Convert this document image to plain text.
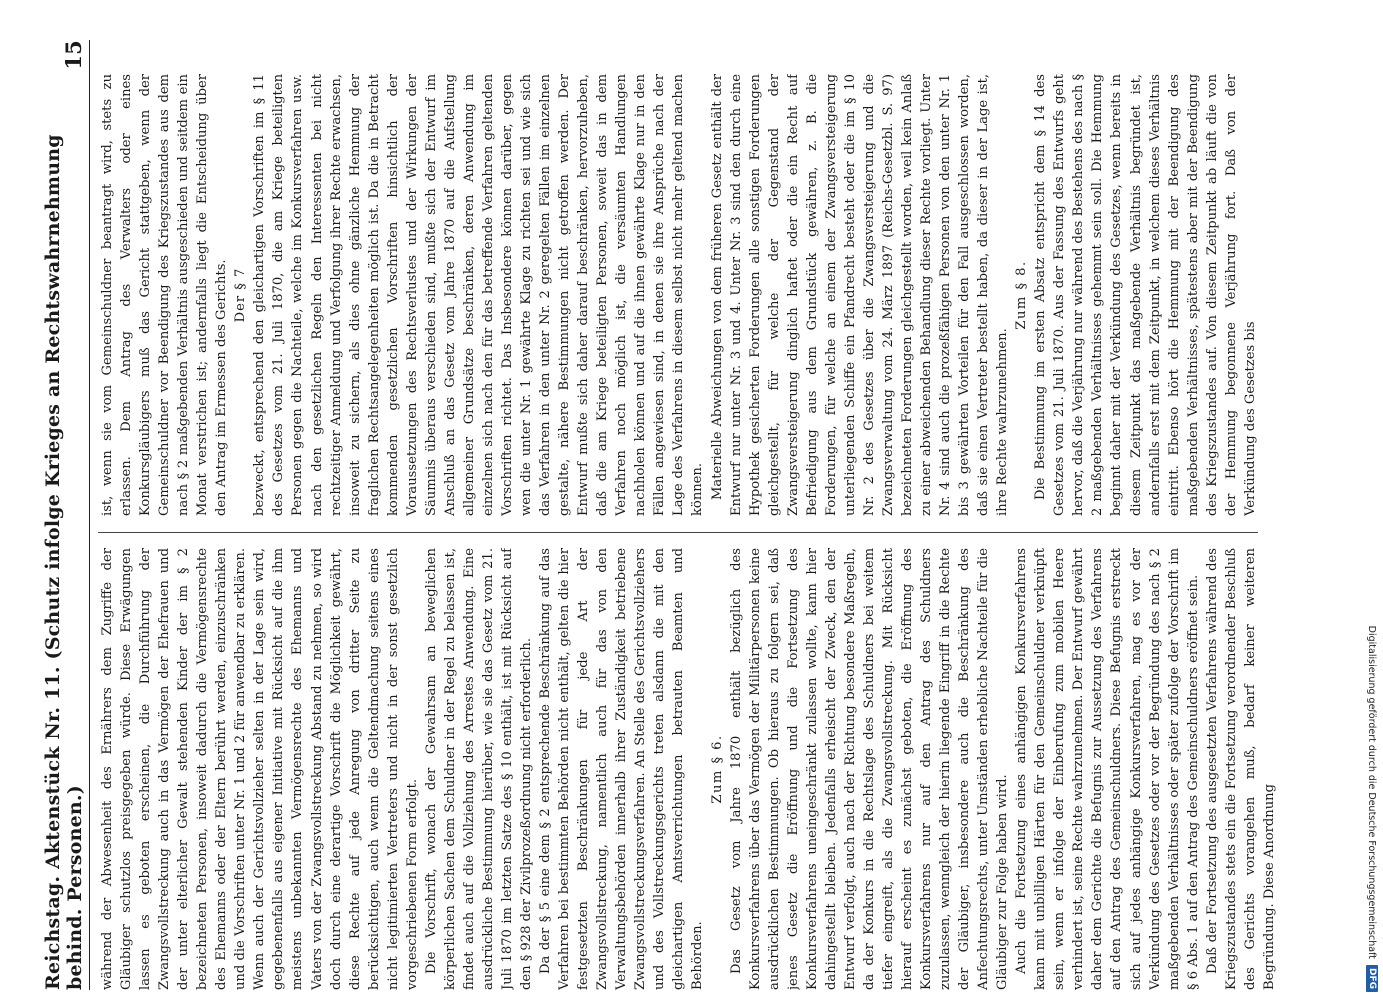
Reichstag. Aktenstück Nr. 11. (Schutz infolge Krieges an Rechtswahrnehmung behind. Personen.)
15

während der Abwesenheit des Ernährers dem Zugriffe der Gläubiger schutzlos preisgegeben würde. Diese Erwägungen lassen es geboten erscheinen, die Durchführung der Zwangsvollstreckung auch in das Vermögen der Ehefrauen und der unter elterlicher Gewalt stehenden Kinder der im § 2 bezeichneten Personen, insoweit dadurch die Vermögensrechte des Ehemanns oder der Eltern berührt werden, einzuschränken und die Vorschriften unter Nr. 1 und 2 für anwendbar zu erklären. Wenn auch der Gerichtsvollzieher selten in der Lage sein wird, gegebenenfalls aus eigener Initiative mit Rücksicht auf die ihm meistens unbekannten Vermögensrechte des Ehemanns und Vaters von der Zwangsvollstreckung Abstand zu nehmen, so wird doch durch eine derartige Vorschrift die Möglichkeit gewährt, diese Rechte auf jede Anregung von dritter Seite zu berücksichtigen, auch wenn die Geltendmachung seitens eines nicht legitimierten Vertreters und nicht in der sonst gesetzlich vorgeschriebenen Form erfolgt. Die Vorschrift, wonach der Gewahrsam an beweglichen körperlichen Sachen dem Schuldner in der Regel zu belassen ist, findet auch auf die Vollziehung des Arrestes Anwendung. Eine ausdrückliche Bestimmung hierüber, wie sie das Gesetz vom 21. Juli 1870 im letzten Satze des § 10 enthält, ist mit Rücksicht auf den § 928 der Zivilprozeßordnung nicht erforderlich. Da der § 5 eine dem § 2 entsprechende Beschränkung auf das Verfahren bei bestimmten Behörden nicht enthält, gelten die hier festgesetzten Beschränkungen für jede Art der Zwangsvollstreckung, namentlich auch für das von den Verwaltungsbehörden innerhalb ihrer Zuständigkeit betriebene Zwangsvollstreckungsverfahren. An Stelle des Gerichtsvollziehers und des Vollstreckungsgerichts treten alsdann die mit den gleichartigen Amtsverrichtungen betrauten Beamten und Behörden.

Zum § 6. Das Gesetz vom Jahre 1870 enthält bezüglich des Konkursverfahrens über das Vermögen der Militärpersonen keine ausdrücklichen Bestimmungen. Ob hieraus zu folgern sei, daß jenes Gesetz die Eröffnung und die Fortsetzung des Konkursverfahrens uneingeschränkt zulassen wollte, kann hier dahingestellt bleiben. Jedenfalls erheischt der Zweck, den der Entwurf verfolgt, auch nach der Richtung besondere Maßregeln, da der Konkurs in die Rechtslage des Schuldners bei weitem tiefer eingreift, als die Zwangsvollstreckung. Mit Rücksicht hierauf erscheint es zunächst geboten, die Eröffnung des Konkursverfahrens nur auf den Antrag des Schuldners zuzulassen, wenngleich der hierin liegende Eingriff in die Rechte der Gläubiger, insbesondere auch die Beschränkung des Anfechtungsrechts, unter Umständen erhebliche Nachteile für die Gläubiger zur Folge haben wird. Auch die Fortsetzung eines anhängigen Konkursverfahrens kann mit unbilligen Härten für den Gemeinschuldner verknüpft sein, wenn er infolge der Einberufung zum mobilen Heere verhindert ist, seine Rechte wahrzunehmen. Der Entwurf gewährt daher dem Gerichte die Befugnis zur Aussetzung des Verfahrens auf den Antrag des Gemeinschuldners. Diese Befugnis erstreckt sich auf jedes anhängige Konkursverfahren, mag es vor der Verkündung des Gesetzes oder vor der Begründung des nach § 2 maßgebenden Verhältnisses oder später zufolge der Vorschrift im § 6 Abs. 1 auf den Antrag des Gemeinschuldners eröffnet sein. Daß der Fortsetzung des ausgesetzten Verfahrens während des Kriegszustandes stets ein die Fortsetzung verordnender Beschluß des Gerichts vorangehen muß, bedarf keiner weiteren Begründung. Diese Anordnung

ist, wenn sie vom Gemeinschuldner beantragt wird, stets zu erlassen. Dem Antrag des Verwalters oder eines Konkursgläubigers muß das Gericht stattgeben, wenn der Gemeinschuldner vor Beendigung des Kriegszustandes aus dem nach § 2 maßgebenden Verhältnis ausgeschieden und seitdem ein Monat verstrichen ist; andernfalls liegt die Entscheidung über den Antrag im Ermessen des Gerichts. Der § 7 bezweckt, entsprechend den gleichartigen Vorschriften im § 11 des Gesetzes vom 21. Juli 1870, die am Kriege beteiligten Personen gegen die Nachteile, welche im Konkursverfahren usw. nach den gesetzlichen Regeln den Interessenten bei nicht rechtzeitiger Anmeldung und Verfolgung ihrer Rechte erwachsen, insoweit zu sichern, als dies ohne gänzliche Hemmung der fraglichen Rechtsangelegenheiten möglich ist. Da die in Betracht kommenden gesetzlichen Vorschriften hinsichtlich der Voraussetzungen des Rechtsverlustes und der Wirkungen der Säumnis überaus verschieden sind, mußte sich der Entwurf im Anschluß an das Gesetz vom Jahre 1870 auf die Aufstellung allgemeiner Grundsätze beschränken, deren Anwendung im einzelnen sich nach den für das betreffende Verfahren geltenden Vorschriften richtet. Das Insbesondere können darüber, gegen wen die unter Nr. 1 gewährte Klage zu richten sei und wie sich das Verfahren in den unter Nr. 2 geregelten Fällen im einzelnen gestalte, nähere Bestimmungen nicht getroffen werden. Der Entwurf mußte sich daher darauf beschränken, hervorzuheben, daß die am Kriege beteiligten Personen, soweit das in dem Verfahren noch möglich ist, die versäumten Handlungen nachholen können und auf die ihnen gewährte Klage nur in den Fällen angewiesen sind, in denen sie ihre Ansprüche nach der Lage des Verfahrens in diesem selbst nicht mehr geltend machen können. Materielle Abweichungen von dem früheren Gesetz enthält der Entwurf nur unter Nr. 3 und 4. Unter Nr. 3 sind den durch eine Hypothek gesicherten Forderungen alle sonstigen Forderungen gleichgestellt, für welche der Gegenstand der Zwangsversteigerung dinglich haftet oder die ein Recht auf Befriedigung aus dem Grundstück gewähren, z. B. die Forderungen, für welche an einem der Zwangsversteigerung unterliegenden Schiffe ein Pfandrecht besteht oder die im § 10 Nr. 2 des Gesetzes über die Zwangsversteigerung und die Zwangsverwaltung vom 24. März 1897 (Reichs-Gesetzbl. S. 97) bezeichneten Forderungen gleichgestellt worden, weil kein Anlaß zu einer abweichenden Behandlung dieser Rechte vorliegt. Unter Nr. 4 sind auch die prozeßfähigen Personen von den unter Nr. 1 bis 3 gewährten Vorteilen für den Fall ausgeschlossen worden, daß sie einen Vertreter bestellt haben, da dieser in der Lage ist, ihre Rechte wahrzunehmen.

Zum § 8. Die Bestimmung im ersten Absatz entspricht dem § 14 des Gesetzes vom 21. Juli 1870. Aus der Fassung des Entwurfs geht hervor, daß die Verjährung nur während des Bestehens des nach § 2 maßgebenden Verhältnisses gehemmt sein soll. Die Hemmung beginnt daher mit der Verkündung des Gesetzes, wenn bereits in diesem Zeitpunkt das maßgebende Verhältnis begründet ist, andernfalls erst mit dem Zeitpunkt, in welchem dieses Verhältnis eintritt. Ebenso hört die Hemmung mit der Beendigung des maßgebenden Verhältnisses, spätestens aber mit der Beendigung des Kriegszustandes auf. Von diesem Zeitpunkt ab läuft die von der Hemmung begonnene Verjährung fort. Daß von der Verkündung des Gesetzes bis

Digitalisierung gefördert durch die Deutsche Forschungsgemeinschaft
DFG
